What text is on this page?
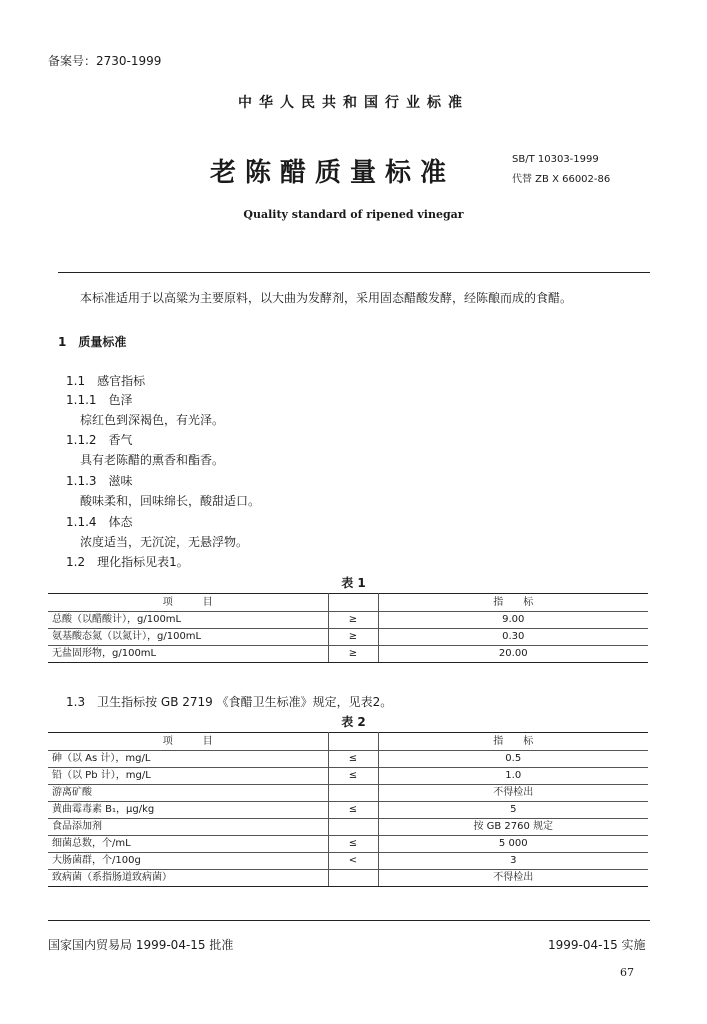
备案号：2730-1999
中华人民共和国行业标准
老陈醋质量标准	SB/T 10303-1999
代替 ZB X 66002-86
Quality standard of ripened vinegar
本标准适用于以高粱为主要原料，以大曲为发酵剂，采用固态醋酸发酵，经陈酿而成的食醋。
1　质量标准
1.1　感官指标
1.1.1　色泽
棕红色到深褐色，有光泽。
1.1.2　香气
具有老陈醋的熏香和酯香。
1.1.3　滋味
酸味柔和，回味绵长，酸甜适口。
1.1.4　体态
浓度适当，无沉淀，无悬浮物。
1.2　理化指标见表1。
表 1
项　　　目		指　　标
总酸（以醋酸计），g/100mL	≥	9.00
氨基酸态氮（以氮计），g/100mL	≥	0.30
无盐固形物，g/100mL	≥	20.00
1.3　卫生指标按 GB 2719 《食醋卫生标准》规定，见表2。
表 2
项　　　目		指　　标
砷（以 As 计），mg/L	≤	0.5
铅（以 Pb 计），mg/L	≤	1.0
游离矿酸		不得检出
黄曲霉毒素 B₁，μg/kg	≤	5
食品添加剂		按 GB 2760 规定
细菌总数，个/mL	≤	5 000
大肠菌群，个/100g	<	3
致病菌（系指肠道致病菌）		不得检出
国家国内贸易局 1999-04-15 批准	1999-04-15 实施
67
